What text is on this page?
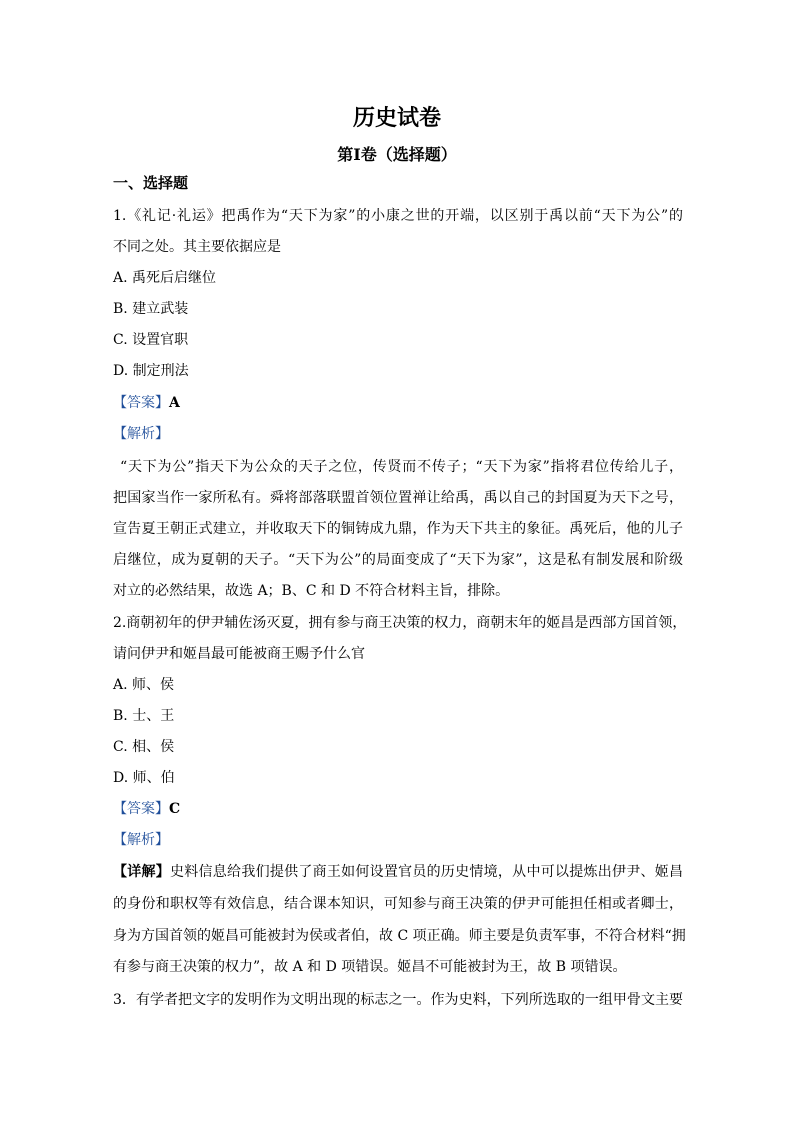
历史试卷
第Ⅰ卷（选择题）
一、选择题
1.《礼记·礼运》把禹作为“天下为家”的小康之世的开端，以区别于禹以前“天下为公”的
不同之处。其主要依据应是
A. 禹死后启继位
B. 建立武装
C. 设置官职
D. 制定刑法
【答案】A
【解析】
“天下为公”指天下为公众的天子之位，传贤而不传子；“天下为家”指将君位传给儿子，
把国家当作一家所私有。舜将部落联盟首领位置禅让给禹，禹以自己的封国夏为天下之号，
宣告夏王朝正式建立，并收取天下的铜铸成九鼎，作为天下共主的象征。禹死后，他的儿子
启继位，成为夏朝的天子。“天下为公”的局面变成了“天下为家”，这是私有制发展和阶级
对立的必然结果，故选 A；B、C 和 D 不符合材料主旨，排除。
2.商朝初年的伊尹辅佐汤灭夏，拥有参与商王决策的权力，商朝末年的姬昌是西部方国首领，
请问伊尹和姬昌最可能被商王赐予什么官
A. 师、侯
B. 士、王
C. 相、侯
D. 师、伯
【答案】C
【解析】
【详解】史料信息给我们提供了商王如何设置官员的历史情境，从中可以提炼出伊尹、姬昌
的身份和职权等有效信息，结合课本知识，可知参与商王决策的伊尹可能担任相或者卿士，
身为方国首领的姬昌可能被封为侯或者伯，故 C 项正确。师主要是负责军事，不符合材料“拥
有参与商王决策的权力”，故 A 和 D 项错误。姬昌不可能被封为王，故 B 项错误。
3．有学者把文字的发明作为文明出现的标志之一。作为史料，下列所选取的一组甲骨文主要
